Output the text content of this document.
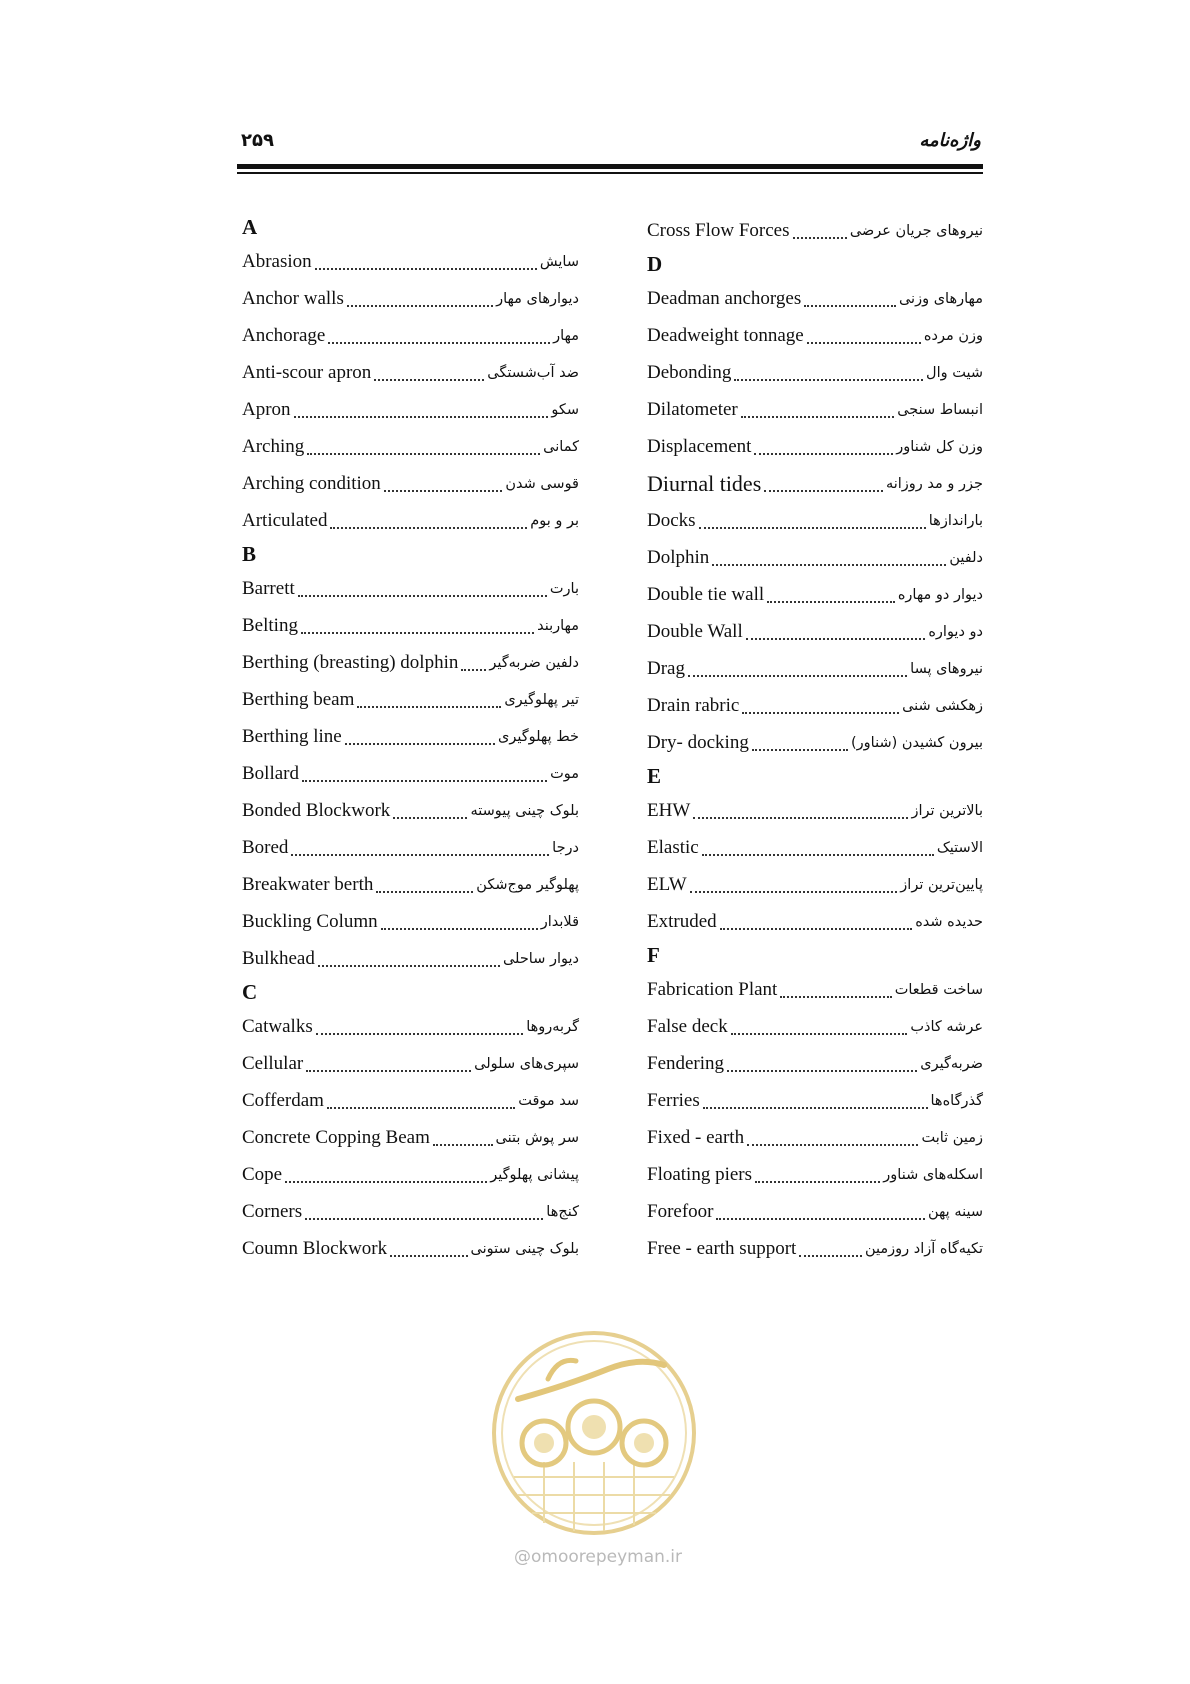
۲۵۹	واژه‌نامه
A
Abrasion	سایش
Anchor walls	دیوارهای مهار
Anchorage	مهار
Anti-scour apron	ضد آب‌شستگی
Apron	سکو
Arching	کمانی
Arching condition	قوسی شدن
Articulated	بر و بوم
B
Barrett	بارت
Belting	مهاربند
Berthing (breasting) dolphin دلفین ضربه‌گیر
Berthing beam	تیر پهلوگیری
Berthing line	خط پهلوگیری
Bollard	موت
Bonded Blockwork	بلوک چینی پیوسته
Bored	درجا
Breakwater berth	پهلوگیر موج‌شکن
Buckling Column	قلابدار
Bulkhead	دیوار ساحلی
C
Catwalks	گربه‌روها
Cellular	سپری‌های سلولی
Cofferdam	سد موقت
Concrete Copping Beam	سر پوش بتنی
Cope	پیشانی پهلوگیر
Corners	کنج‌ها
Coumn Blockwork	بلوک چینی ستونی
Cross Flow Forces	نیروهای جریان عرضی
D
Deadman anchorges	مهارهای وزنی
Deadweight tonnage	وزن مرده
Debonding	شیت وال
Dilatometer	انبساط سنجی
Displacement	وزن کل شناور
Diurnal tides	جزر و مد روزانه
Docks	باراندازها
Dolphin	دلفین
Double tie wall	دیوار دو مهاره
Double Wall	دو دیواره
Drag	نیروهای پسا
Drain rabric	زهکشی شنی
Dry- docking	بیرون کشیدن (شناور)
E
EHW	بالاترین تراز
Elastic	الاستیک
ELW	پایین‌ترین تراز
Extruded	حدیده شده
F
Fabrication Plant	ساخت قطعات
False deck	عرشه کاذب
Fendering	ضربه‌گیری
Ferries	گذرگاه‌ها
Fixed - earth	زمین ثابت
Floating piers	اسکله‌های شناور
Forefoor	سینه پهن
Free - earth support	تکیه‌گاه آزاد روزمین
@omoorepeyman.ir
